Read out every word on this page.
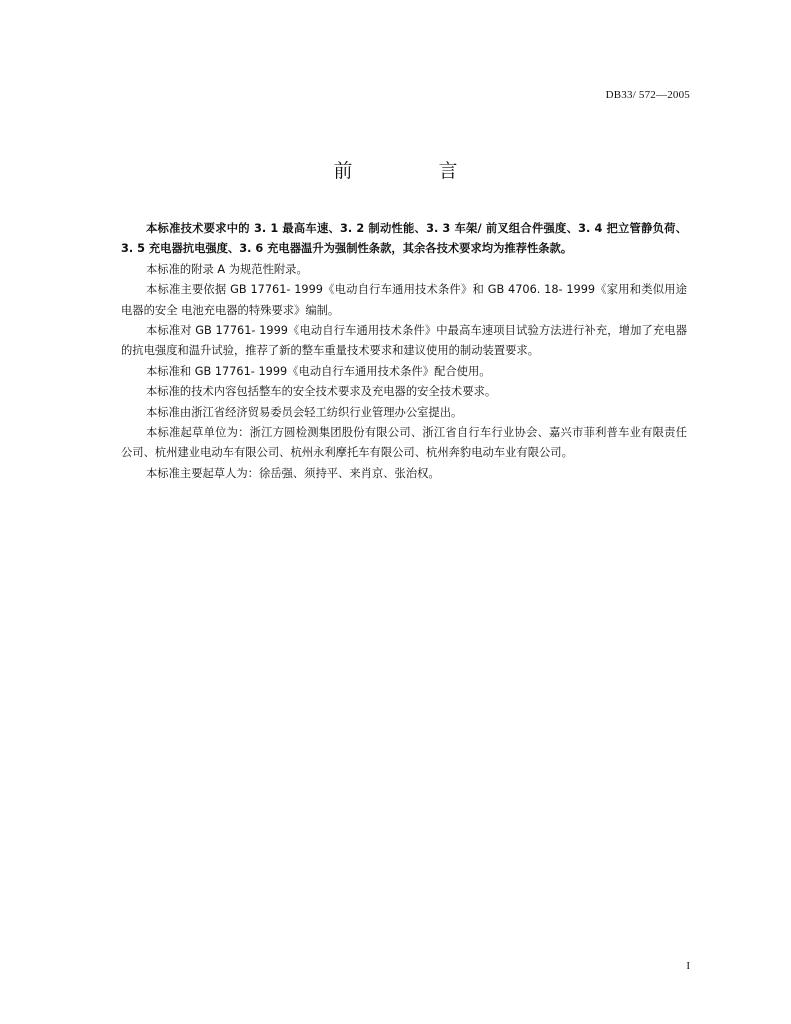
DB33/ 572—2005
前 言

本标准技术要求中的 3. 1 最高车速、3. 2 制动性能、3. 3 车架/ 前叉组合件强度、3. 4 把立管静负荷、3. 5 充电器抗电强度、3. 6 充电器温升为强制性条款，其余各技术要求均为推荐性条款。

本标准的附录 A 为规范性附录。

本标准主要依据 GB 17761- 1999《电动自行车通用技术条件》和 GB 4706. 18- 1999《家用和类似用途电器的安全 电池充电器的特殊要求》编制。

本标准对 GB 17761- 1999《电动自行车通用技术条件》中最高车速项目试验方法进行补充，增加了充电器的抗电强度和温升试验，推荐了新的整车重量技术要求和建议使用的制动装置要求。

本标准和 GB 17761- 1999《电动自行车通用技术条件》配合使用。

本标准的技术内容包括整车的安全技术要求及充电器的安全技术要求。

本标准由浙江省经济贸易委员会轻工纺织行业管理办公室提出。

本标准起草单位为：浙江方圆检测集团股份有限公司、浙江省自行车行业协会、嘉兴市菲利普车业有限责任公司、杭州建业电动车有限公司、杭州永利摩托车有限公司、杭州奔豹电动车业有限公司。

本标准主要起草人为：徐岳强、须持平、来肖京、张治权。

I
